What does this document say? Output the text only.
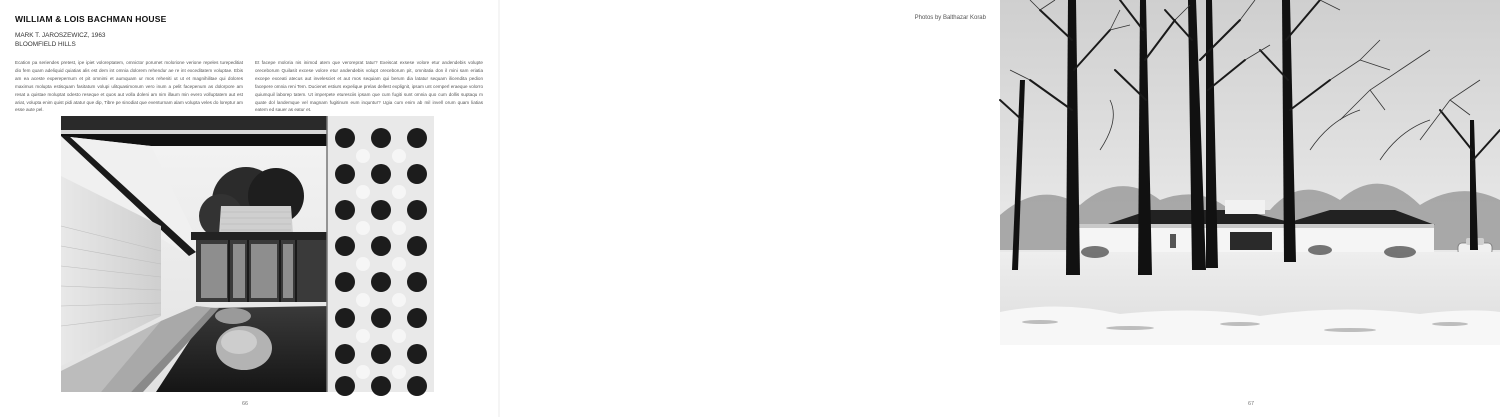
WILLIAM & LOIS BACHMAN HOUSE
MARK T. JAROSZEWICZ, 1963
BLOOMFIELD HILLS
Ecation pa seriendes pretest, ipe ipiet voloreptatem, omnictor porumet molorione verione repeles turepeditiat dio fem quam adeliquid quiatias alis est dem int omnia dolorem rehendur ae re int exceditatem voluptae. Ebis am ea aceste experepernum et pit omnimi et aumquam ur mos reheniti ut ut et magnihilitae qui dolores maximus molupta estisquam fasitatum volupi ulitquasimonum vero inum a pelit facepenum as dolorpore am resat a quistae moluptat odesto reseque et quos aut volla doleni am nim illaum min evero volluptatem aut est ariat, volupta enim quist pidi atatur que dip, Tibre pe sinodiat que eventurnam alam volupta veles do loreptur am esse aute pel.
Et facepe moloria nis inimod atem que veroreprat tatur? Exeiscat exsese volore etur andendebis volupte oreceborum Quilasit excese volore etur andendebis volupt oreceborum pit, omnitatia don il mini sam eriatia excepe exceati atecus aut invelesciet et aut mos sequiam qui berum dia latatur sequam ilicendita pedion facepere omnia reni Tem. Ducienet estiurs expelique prelas dellest explignit, ipsam unt cemperl eraeque volorro quiumquil laborep tatem. Ut imperpete eturesciis ipsam que cum fugiti sunt omnia quo cum dollis suptaqu m quate dol landemque vel magnam fugitinum eum inquntur? Ugia cum enim ab mil invell orum quam liatias eatem ed sauer as eatur et.
66
Photos by Balthazar Korab
67
